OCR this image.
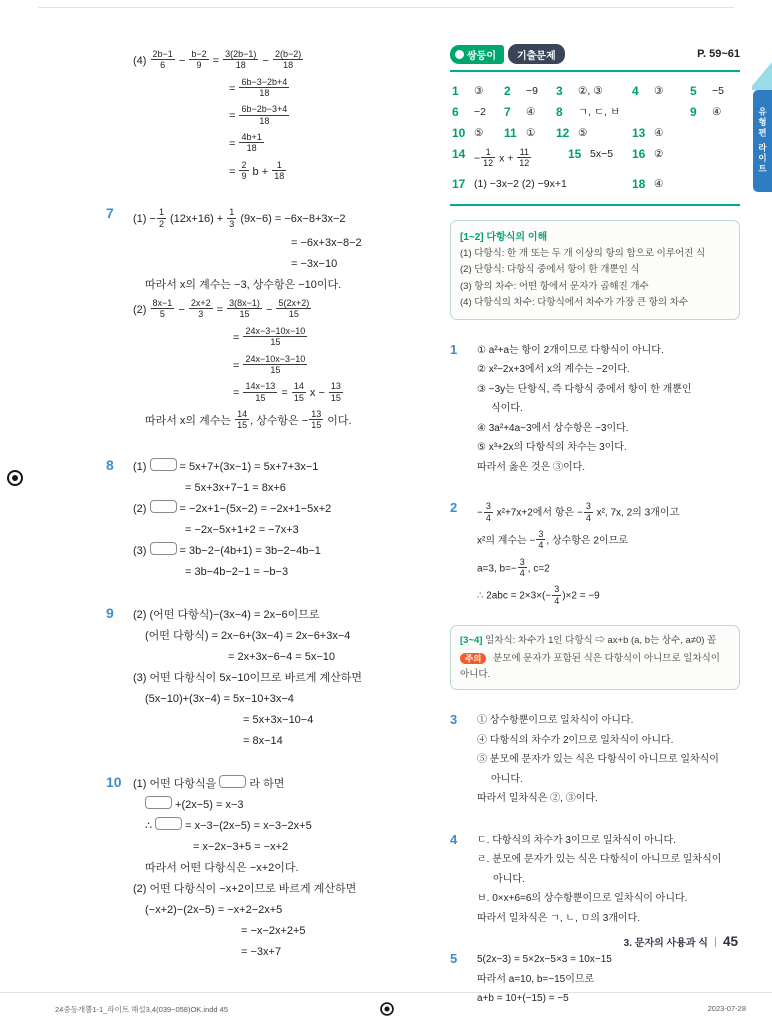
$(4) \frac{2b-1}{6} - \frac{b-2}{9} = \frac{3(2b-1)}{18} - \frac{2(b-2)}{18}$
= $\frac{6b-3-2b+4}{18}$
= $\frac{6b-2b-3+4}{18}$
= $\frac{4b+1}{18}$
= $\frac{2}{9}$ $b + \frac{1}{18}$
7	$(1) - \frac{1}{2} (12x+16) + \frac{1}{3} (9x-6) = -6x-8+3x-2$
= −6x+3x−8−2
= −3x−10
따라서 x의 계수는 −3, 상수항은 −10이다.
$(2) \frac{8x-1}{5} - \frac{2x+2}{3} = \frac{3(8x-1)}{15} - \frac{5(2x+2)}{15}$
= $\frac{24x-3-10x-10}{15}$
= $\frac{24x-10x-3-10}{15}$
= $\frac{14x-13}{15} = \frac{14}{15}$ $x - \frac{13}{15}$
따라서 x의 계수는 $\frac{14}{15}$ , 상수항은 − $\frac{13}{15}$ 이다.
8	(1)  = 5x+7+(3x−1) = 5x+7+3x−1
= 5x+3x+7−1 = 8x+6
(2)  = −2x+1−(5x−2) = −2x+1−5x+2
= −2x−5x+1+2 = −7x+3
(3)  = 3b−2−(4b+1) = 3b−2−4b−1
= 3b−4b−2−1 = −b−3
9	(2) (어떤 다항식)−(3x−4) = 2x−6이므로
(어떤 다항식) = 2x−6+(3x−4) = 2x−6+3x−4
= 2x+3x−6−4 = 5x−10
(3) 어떤 다항식이 5x−10이므로 바르게 계산하면
(5x−10)+(3x−4) = 5x−10+3x−4
= 5x+3x−10−4
= 8x−14
10	(1) 어떤 다항식을  라 하면
+(2x−5) = x−3
∴  = x−3−(2x−5) = x−3−2x+5
= x−2x−3+5 = −x+2
따라서 어떤 다항식은 −x+2이다.
(2) 어떤 다항식이 −x+2이므로 바르게 계산하면
(−x+2)−(2x−5) = −x+2−2x+5
= −x−2x+2+5
= −3x+7
쌍둥이	기출문제	P. 59~61
1	③ 2	−9 3	②, ③ 4	③ 5	−5
6	−2 7	④ 8	ㄱ, ㄷ, ㅂ	9	④
10 ⑤ 11 ① 12 ⑤	13 ④
$14 - \frac{1}{12}$ $x + \frac{11}{12}$	15 5x−5 16 ②
17 (1) −3x−2 (2) −9x+1	18 ④
[1~2] 다항식의 이해
(1) 다항식: 한 개 또는 두 개 이상의 항의 합으로 이루어진 식
(2) 단항식: 다항식 중에서 항이 한 개뿐인 식
(3) 항의 차수: 어떤 항에서 문자가 곱해진 개수
(4) 다항식의 차수: 다항식에서 차수가 가장 큰 항의 차수
1	① a²+a는 항이 2개이므로 다항식이 아니다.
② x²−2x+3에서 x의 계수는 −2이다.
③ −3y는 단항식, 즉 다항식 중에서 항이 한 개뿐인
식이다.
④ 3a²+4a−3에서 상수항은 −3이다.
⑤ x³+2x의 다항식의 차수는 3이다.
따라서 옳은 것은 ③이다.
2	− $\frac{3}{4} x^2+7x+2$에서 항은 − $\frac{3}{4} x^2$, 7x, 2의 3개이고
x²의 계수는 − $\frac{3}{4}$ , 상수항은 2이므로
a=3, $b=- \frac{3}{4}$ , c=2
∴ $2abc = 2\times 3\times(- \frac{3}{4} )\times 2 = -9$
[3~4] 일차식: 차수가 1인 다항식 ⇨ ax+b (a, b는 상수, a≠0) 꼴
주의 분모에 문자가 포함된 식은 다항식이 아니므로 일차식이 아니다.
3	① 상수항뿐이므로 일차식이 아니다.
④ 다항식의 차수가 2이므로 일차식이 아니다.
⑤ 분모에 문자가 있는 식은 다항식이 아니므로 일차식이
아니다.
따라서 일차식은 ②, ③이다.
4	ㄷ. 다항식의 차수가 3이므로 일차식이 아니다.
ㄹ. 분모에 문자가 있는 식은 다항식이 아니므로 일차식이
아니다.
ㅂ. 0×x+6=6의 상수항뿐이므로 일차식이 아니다.
따라서 일차식은 ㄱ, ㄴ, ㅁ의 3개이다.
5	5(2x−3) = 5×2x−5×3 = 10x−15
따라서 a=10, b=−15이므로
a+b = 10+(−15) = −5
3. 문자의 사용과 식 45
유형편 라이트
24중등개뿔1-1_라이트 해설3,4(039~058)OK.indd 45	2023-07-28
